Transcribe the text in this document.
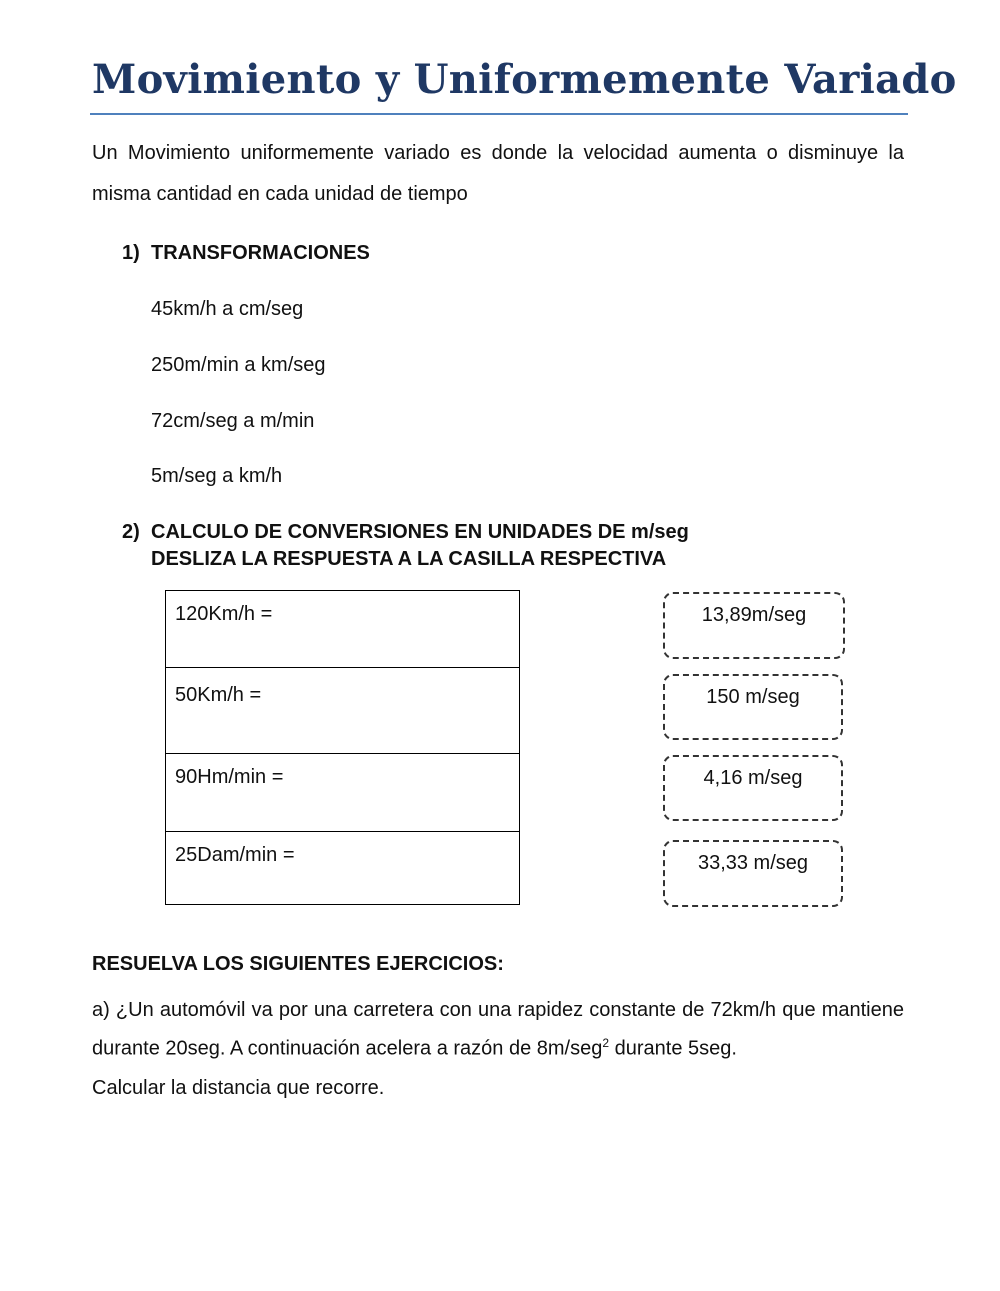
Movimiento y Uniformemente Variado

Un Movimiento uniformemente variado es donde la velocidad aumenta o disminuye la misma cantidad en cada unidad de tiempo

1) TRANSFORMACIONES
45km/h a cm/seg
250m/min a km/seg
72cm/seg a m/min
5m/seg a km/h
2) CALCULO DE CONVERSIONES EN UNIDADES DE m/seg
DESLIZA LA RESPUESTA A LA CASILLA RESPECTIVA
120Km/h =
50Km/h =
90Hm/min =
25Dam/min =
13,89m/seg
150 m/seg
4,16 m/seg
33,33 m/seg
RESUELVA LOS SIGUIENTES EJERCICIOS:

a) ¿Un automóvil va por una carretera con una rapidez constante de 72km/h que mantiene durante 20seg. A continuación acelera a razón de 8m/seg$^2$ durante 5seg.

Calcular la distancia que recorre.
